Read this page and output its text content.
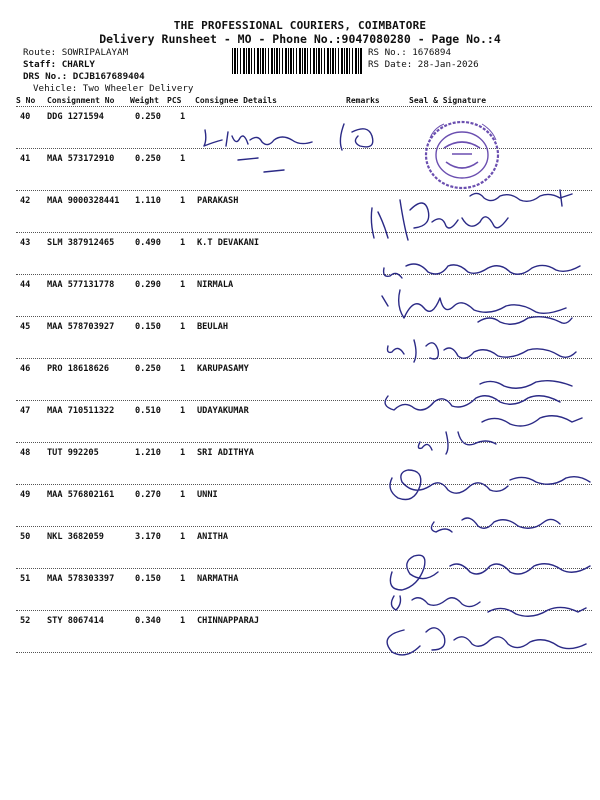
THE PROFESSIONAL COURIERS, COIMBATORE
Delivery Runsheet - MO - Phone No.:9047080280 - Page No.:4
Route: SOWRIPALAYAM
Staff: CHARLY
DRS No.: DCJB167689404
Vehicle: Two Wheeler Delivery
RS No.: 1676894
RS Date: 28-Jan-2026
S No Consignment No Weight PCS Consignee Details	Remarks	Seal & Signature
40 DDG 1271594	0.250 1
41 MAA 573172910 0.250 1
42 MAA 9000328441 1.110 1 PARAKASH
43 SLM 387912465 0.490 1 K.T DEVAKANI
44 MAA 577131778 0.290 1 NIRMALA
45 MAA 578703927 0.150 1 BEULAH
46 PRO 18618626	0.250 1 KARUPASAMY
47 MAA 710511322 0.510 1 UDAYAKUMAR
48 TUT 992205	1.210 1 SRI ADITHYA
49 MAA 576802161 0.270 1 UNNI
50 NKL 3682059	3.170 1 ANITHA
51 MAA 578303397 0.150 1 NARMATHA
52 STY 8067414	0.340 1 CHINNAPPARAJ
